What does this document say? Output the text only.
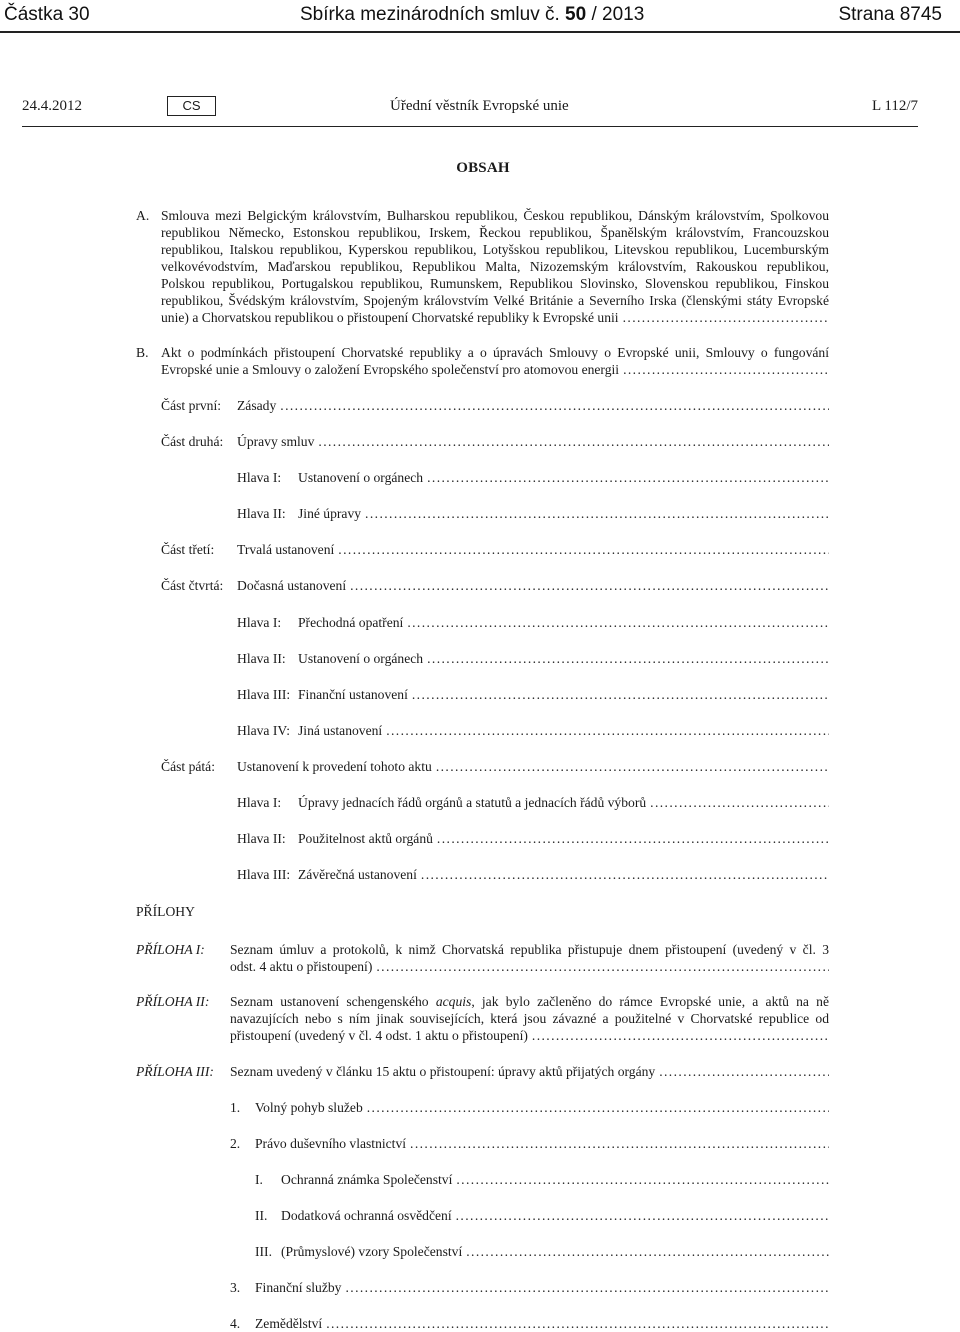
Částka 30	Sbírka mezinárodních smluv č. 50 / 2013	Strana 8745
24.4.2012	CS	Úřední věstník Evropské unie	L 112/7
OBSAH
A. Smlouva mezi Belgickým královstvím, Bulharskou republikou, Českou republikou, Dánským královstvím, Spolkovou
republikou Německo, Estonskou republikou, Irskem, Řeckou republikou, Španělským královstvím, Francouzskou
republikou, Italskou republikou, Kyperskou republikou, Lotyšskou republikou, Litevskou republikou, Lucemburským
velkovévodstvím, Maďarskou republikou, Republikou Malta, Nizozemským královstvím, Rakouskou republikou,
Polskou republikou, Portugalskou republikou, Rumunskem, Republikou Slovinsko, Slovenskou republikou, Finskou
republikou, Švédským královstvím, Spojeným královstvím Velké Británie a Severního Irska (členskými státy Evropské
unie) a Chorvatskou republikou o přistoupení Chorvatské republiky k Evropské unii
. . .
B. Akt o podmínkách přistoupení Chorvatské republiky a o úpravách Smlouvy o Evropské unii, Smlouvy o fungování
Evropské unie a Smlouvy o založení Evropského společenství pro atomovou energii
. . .
Část první: Zásady
. . .
Část druhá: Úpravy smluv
. . .
Hlava I: Ustanovení o orgánech
. . .
Hlava II: Jiné úpravy
. . .
Část třetí: Trvalá ustanovení
. . .
Část čtvrtá: Dočasná ustanovení
. . .
Hlava I: Přechodná opatření
. . .
Hlava II: Ustanovení o orgánech
. . .
Hlava III: Finanční ustanovení
. . .
Hlava IV: Jiná ustanovení
. . .
Část pátá: Ustanovení k provedení tohoto aktu
. . .
Hlava I: Úpravy jednacích řádů orgánů a statutů a jednacích řádů výborů
. . .
Hlava II: Použitelnost aktů orgánů
. . .
Hlava III: Závěrečná ustanovení
. . .
PŘÍLOHY
PŘÍLOHA I: Seznam úmluv a protokolů, k nimž Chorvatská republika přistupuje dnem přistoupení (uvedený v čl. 3
odst. 4 aktu o přistoupení)
. . .
PŘÍLOHA II: Seznam ustanovení schengenského acquis, jak bylo začleněno do rámce Evropské unie, a aktů na ně
navazujících nebo s ním jinak souvisejících, která jsou závazné a použitelné v Chorvatské republice od
přistoupení (uvedený v čl. 4 odst. 1 aktu o přistoupení)
. . .
PŘÍLOHA III: Seznam uvedený v článku 15 aktu o přistoupení: úpravy aktů přijatých orgány
. . .
1. Volný pohyb služeb
. . .
2. Právo duševního vlastnictví
. . .
I. Ochranná známka Společenství
. . .
II. Dodatková ochranná osvědčení
. . .
III. (Průmyslové) vzory Společenství
. . .
3. Finanční služby
. . .
4. Zemědělství
. . .
